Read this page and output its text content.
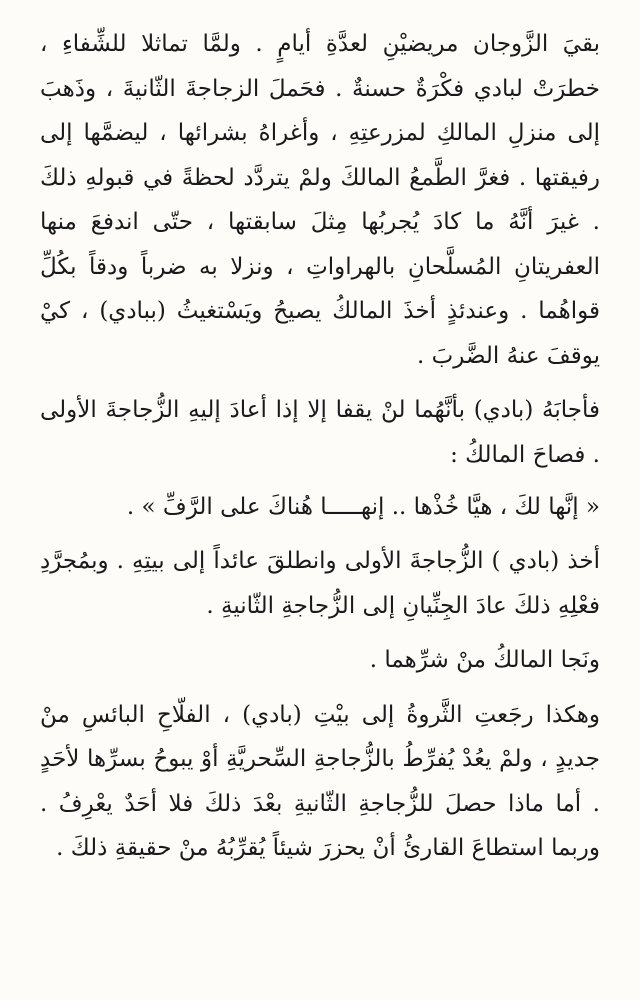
بقيَ الزَّوجان مريضيْنِ لعدَّةِ أيامٍ . ولمَّا تماثلا للشِّفاءِ ، خطرَتْ لبادي فكْرَةٌ حسنةٌ . فحَملَ الزجاجةَ الثّانيةَ ، وذَهبَ إلى منزلِ المالكِ لمزرعتِهِ ، وأغراهُ بشرائها ، ليضمَّها إلى رفيقتها . فغرَّ الطَّمعُ المالكَ ولمْ يتردَّد لحظةً في قبولهِ ذلكَ . غيرَ أنَّهُ ما كادَ يُجربُها مِثلَ سابقتها ، حتّى اندفعَ منها العفريتانِ المُسلَّحانِ بالهراواتِ ، ونزلا به ضرباً ودقاً بكُلِّ قواهُما . وعندئذٍ أخذَ المالكُ يصيحُ ويَسْتغيثُ (ببادي) ، كيْ يوقفَ عنهُ الضَّربَ .

فأجابَهُ (بادي) بأنَّهُما لنْ يقفا إلا إذا أعادَ إليهِ الزُّجاجةَ الأولى . فصاحَ المالكُ :

« إنَّها لكَ ، هيَّا خُذْها .. إنهـــــا هُناكَ على الرَّفِّ » .

أخذ (بادي ) الزُّجاجةَ الأولى وانطلقَ عائداً إلى بيتِهِ . وبمُجرَّدِ فعْلِهِ ذلكَ عادَ الجِنِّيانِ إلى الزُّجاجةِ الثّانيةِ .

ونَجا المالكُ منْ شرِّهما .

وهكذا رجَعتِ الثَّروةُ إلى بيْتِ (بادي) ، الفلّاحِ البائسِ منْ جديدٍ ، ولمْ يعُدْ يُفرِّطُ بالزُّجاجةِ السِّحريَّةِ أوْ يبوحُ بسرِّها لأحَدٍ . أما ماذا حصلَ للزُّجاجةِ الثّانيةِ بعْدَ ذلكَ فلا أحَدٌ يعْرِفُ . وربما استطاعَ القارئُ أنْ يحزرَ شيئاً يُقرِّبُهُ منْ حقيقةِ ذلكَ .
